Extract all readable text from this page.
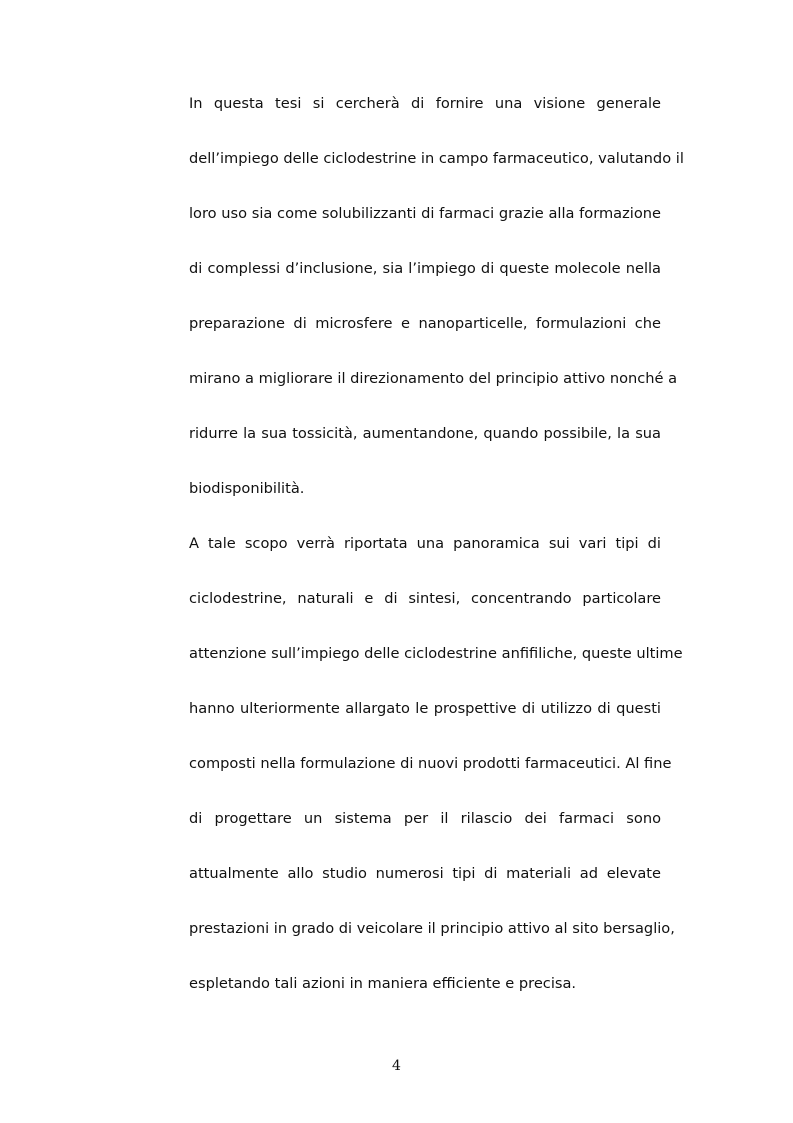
In questa tesi si cercherà di fornire una visione generale
dell’impiego delle ciclodestrine in campo farmaceutico, valutando il
loro uso sia come solubilizzanti di farmaci grazie alla formazione
di complessi d’inclusione, sia l’impiego di queste molecole nella
preparazione di microsfere e nanoparticelle, formulazioni che
mirano a migliorare il direzionamento del principio attivo nonché a
ridurre la sua tossicità, aumentandone, quando possibile, la sua
biodisponibilità.
A tale scopo verrà riportata una panoramica sui vari tipi di
ciclodestrine, naturali e di sintesi, concentrando particolare
attenzione sull’impiego delle ciclodestrine anfifiliche, queste ultime
hanno ulteriormente allargato le prospettive di utilizzo di questi
composti nella formulazione di nuovi prodotti farmaceutici. Al fine
di progettare un sistema per il rilascio dei farmaci sono
attualmente allo studio numerosi tipi di materiali ad elevate
prestazioni in grado di veicolare il principio attivo al sito bersaglio,
espletando tali azioni in maniera efficiente e precisa.
4
